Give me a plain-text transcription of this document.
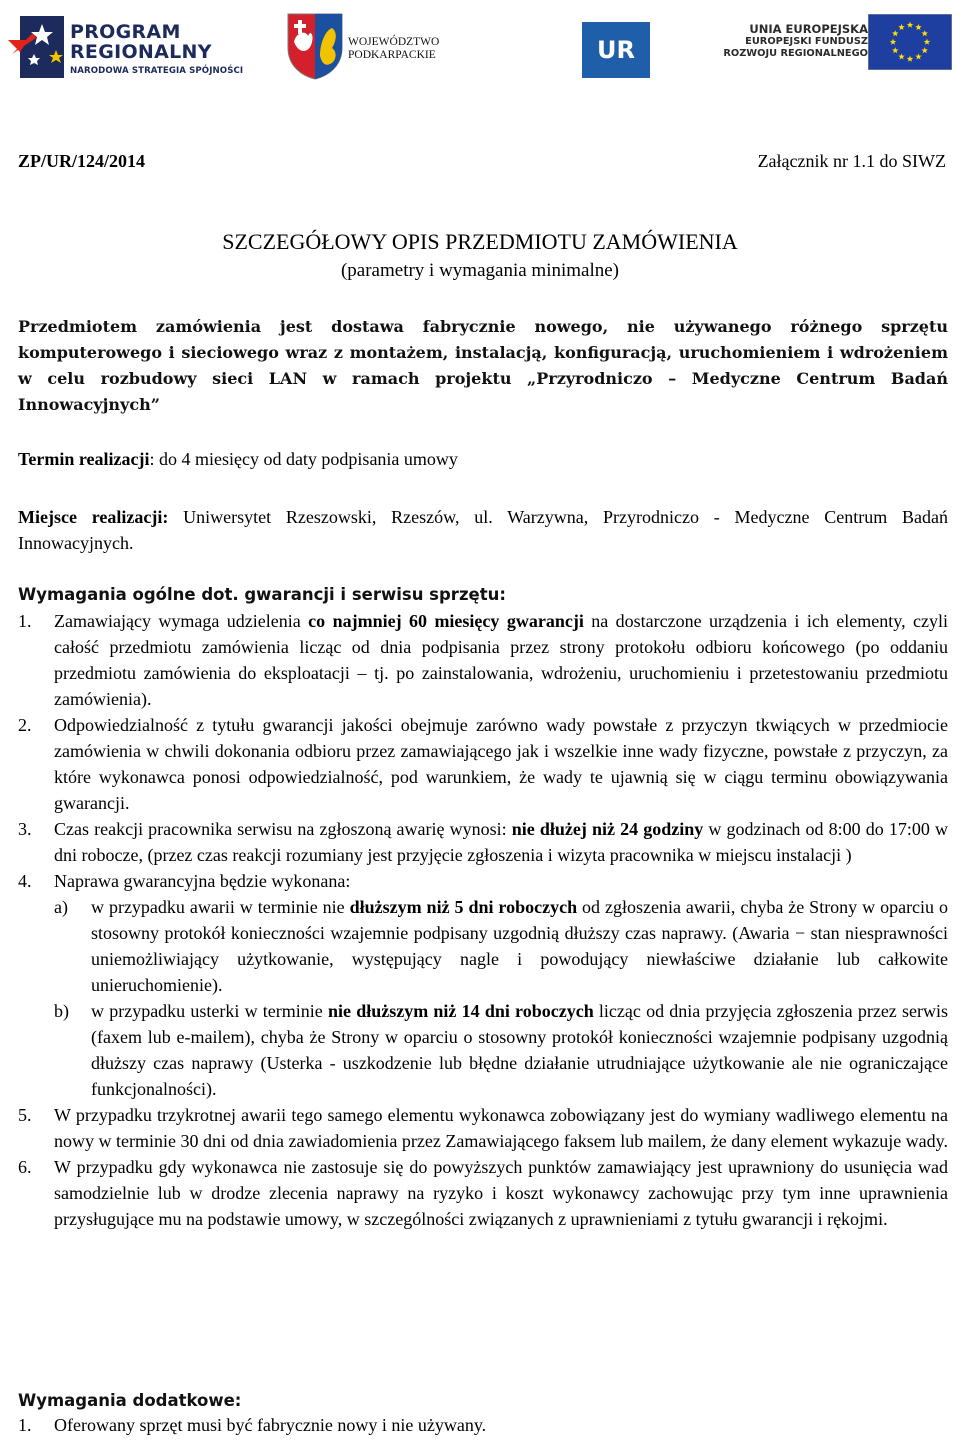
PROGRAM
REGIONALNY
NARODOWA STRATEGIA SPÓJNOŚCI
WOJEWÓDZTWO
PODKARPACKIE	UR
UNIA EUROPEJSKA
EUROPEJSKI FUNDUSZ
ROZWOJU REGIONALNEGO
ZP/UR/124/2014	Załącznik nr 1.1 do SIWZ
SZCZEGÓŁOWY OPIS PRZEDMIOTU ZAMÓWIENIA
(parametry i wymagania minimalne)
Przedmiotem zamówienia jest dostawa fabrycznie nowego, nie używanego różnego sprzętu komputerowego i sieciowego wraz z montażem, instalacją, konfiguracją, uruchomieniem i wdrożeniem w celu rozbudowy sieci LAN w ramach projektu „Przyrodniczo – Medyczne Centrum Badań Innowacyjnych”
Termin realizacji: do 4 miesięcy od daty podpisania umowy
Miejsce realizacji: Uniwersytet Rzeszowski, Rzeszów, ul. Warzywna, Przyrodniczo - Medyczne Centrum Badań Innowacyjnych.
Wymagania ogólne dot. gwarancji i serwisu sprzętu:
1. Zamawiający wymaga udzielenia co najmniej 60 miesięcy gwarancji na dostarczone urządzenia i ich elementy, czyli całość przedmiotu zamówienia licząc od dnia podpisania przez strony protokołu odbioru końcowego (po oddaniu przedmiotu zamówienia do eksploatacji – tj. po zainstalowania, wdrożeniu, uruchomieniu i przetestowaniu przedmiotu zamówienia).
2. Odpowiedzialność z tytułu gwarancji jakości obejmuje zarówno wady powstałe z przyczyn tkwiących w przedmiocie zamówienia w chwili dokonania odbioru przez zamawiającego jak i wszelkie inne wady fizyczne, powstałe z przyczyn, za które wykonawca ponosi odpowiedzialność, pod warunkiem, że wady te ujawnią się w ciągu terminu obowiązywania gwarancji.
3. Czas reakcji pracownika serwisu na zgłoszoną awarię wynosi: nie dłużej niż 24 godziny w godzinach od 8:00 do 17:00 w dni robocze, (przez czas reakcji rozumiany jest przyjęcie zgłoszenia i wizyta pracownika w miejscu instalacji )
4. Naprawa gwarancyjna będzie wykonana:
a) w przypadku awarii w terminie nie dłuższym niż 5 dni roboczych od zgłoszenia awarii, chyba że Strony w oparciu o stosowny protokół konieczności wzajemnie podpisany uzgodnią dłuższy czas naprawy. (Awaria − stan niesprawności uniemożliwiający użytkowanie, występujący nagle i powodujący niewłaściwe działanie lub całkowite unieruchomienie).
b) w przypadku usterki w terminie nie dłuższym niż 14 dni roboczych licząc od dnia przyjęcia zgłoszenia przez serwis (faxem lub e-mailem), chyba że Strony w oparciu o stosowny protokół konieczności wzajemnie podpisany uzgodnią dłuższy czas naprawy (Usterka - uszkodzenie lub błędne działanie utrudniające użytkowanie ale nie ograniczające funkcjonalności).
5. W przypadku trzykrotnej awarii tego samego elementu wykonawca zobowiązany jest do wymiany wadliwego elementu na nowy w terminie 30 dni od dnia zawiadomienia przez Zamawiającego faksem lub mailem, że dany element wykazuje wady.
6. W przypadku gdy wykonawca nie zastosuje się do powyższych punktów zamawiający jest uprawniony do usunięcia wad samodzielnie lub w drodze zlecenia naprawy na ryzyko i koszt wykonawcy zachowując przy tym inne uprawnienia przysługujące mu na podstawie umowy, w szczególności związanych z uprawnieniami z tytułu gwarancji i rękojmi.
Wymagania dodatkowe:
1. Oferowany sprzęt musi być fabrycznie nowy i nie używany.
